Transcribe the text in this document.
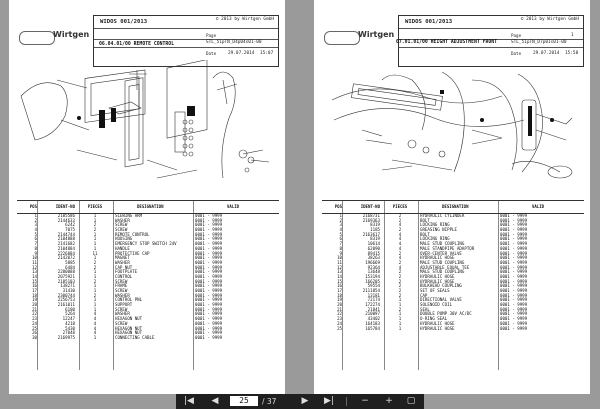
Wirtgen
WIDOS 001/2013	© 2013 by Wirtgen GmbH
Page
STL_51pTN_D4p04s01-00
Date	29.07.2014 15:07
06.04.01/00 REMOTE CONTROL
POS	IDENT-NO	PIECES	DESIGNATION	VALID
1	2185586	1	SLEWING ARM	0001 - 9999
2	2144633	1	WASHER	0001 - 9999
3	6242	2	SCREW	0001 - 9999
4	7075	2	SCREW	0001 - 9999
5	2144744	1	REMOTE CONTROL	0001 - 9999
6	2104888	1	HOUSING	0001 - 9999
7	2141682	1	EMERGENCY STOP SWITCH 24V	0001 - 9999
8	2104884	1	HANDLE	0001 - 9999
9	2226884	11	PROTECTIVE CAP	0001 - 9999
10	2142072	1	MAGNET	0001 - 9999
11	5885	2	WASHER	0001 - 9999
12	6484	2	CAP NUT	0001 - 9999
13	2280088	1	FOOTPLATE	0001 - 9999
14	2075921	1	CONTROL	0001 - 9999
15	2185103	2	SCREW	0001 - 9999
16	138271	1	FRAME	0001 - 9999
17	31430	1	SCREW	0001 - 9999
18	2300744	2	WASHER	0001 - 9999
19	2256753	1	CONTROL PNL	0001 - 9999
20	2161011	1	SUPPORT	0001 - 9999
21	6180	1	SCREW	0001 - 9999
22	5264	4	WASHER	0001 - 9999
23	12247	4	HEXAGON NUT	0001 - 9999
24	4218	4	SCREW	0001 - 9999
25	5430	4	HEXAGON NUT	0001 - 9999
26	27048	4	HEXAGON NUT	0001 - 9999
30	2169975	1	CONNECTING CABLE	0001 - 9999
Wirtgen
WIDOS 001/2013	© 2013 by Wirtgen GmbH
Page	1
STL_51pTN_D7p01s01-00
Date	29.07.2014 15:58
07.01.01/00 HEIGHT ADJUSTMENT FRONT
POS	IDENT-NO	PIECES	DESIGNATION	VALID
1	2168731	2	HYDRAULIC CYLINDER	0001 - 9999
2	2169363	2	BOLT	0001 - 9999
3	8319	4	LOCKING RING	0001 - 9999
4	1185	2	GREASING NIPPLE	0001 - 9999
5	2163617	4	BOLT	0001 - 9999
6	8319	4	LOCKING RING	0001 - 9999
7	10614	4	MALE STUD COUPLING	0001 - 9999
8	62090	4	MALE STANDPIPE ADAPTOR	0001 - 9999
9	89415	2	OVER-CENTER VALVE	0001 - 9999
10	38263	4	HYDRAULIC HOSE	0001 - 9999
11	196669	2	MALE STUD COUPLING	0001 - 9999
12	92364	4	ADJUSTABLE EQUAL TEE	0001 - 9999
13	13648	2	MALE STUD COUPLING	0001 - 9999
14	153194	2	HYDRAULIC HOSE	0001 - 9999
15	166205	2	HYDRAULIC HOSE	0001 - 9999
16	59554	2	BULKHEAD COUPLING	0001 - 9999
17	2111854	2	SET OF SEALS	0001 - 9999
18	13181	2	CAP	0001 - 9999
19	72174	1	DIRECTIONAL VALVE	0001 - 9999
20	172274	1	SOLENOID COIL	0001 - 9999
21	21841	2	SEAL	0001 - 9999
22	210097	1	DOUBLE PUMP 30V AC/DC	0001 - 9999
23	43402	1	O-RING SEAL	0001 - 9999
24	164183	1	HYDRAULIC HOSE	0001 - 9999
25	165784	1	HYDRAULIC HOSE	0001 - 9999
|◀	◀	25	/ 37	▶	▶|	−	+	▢
